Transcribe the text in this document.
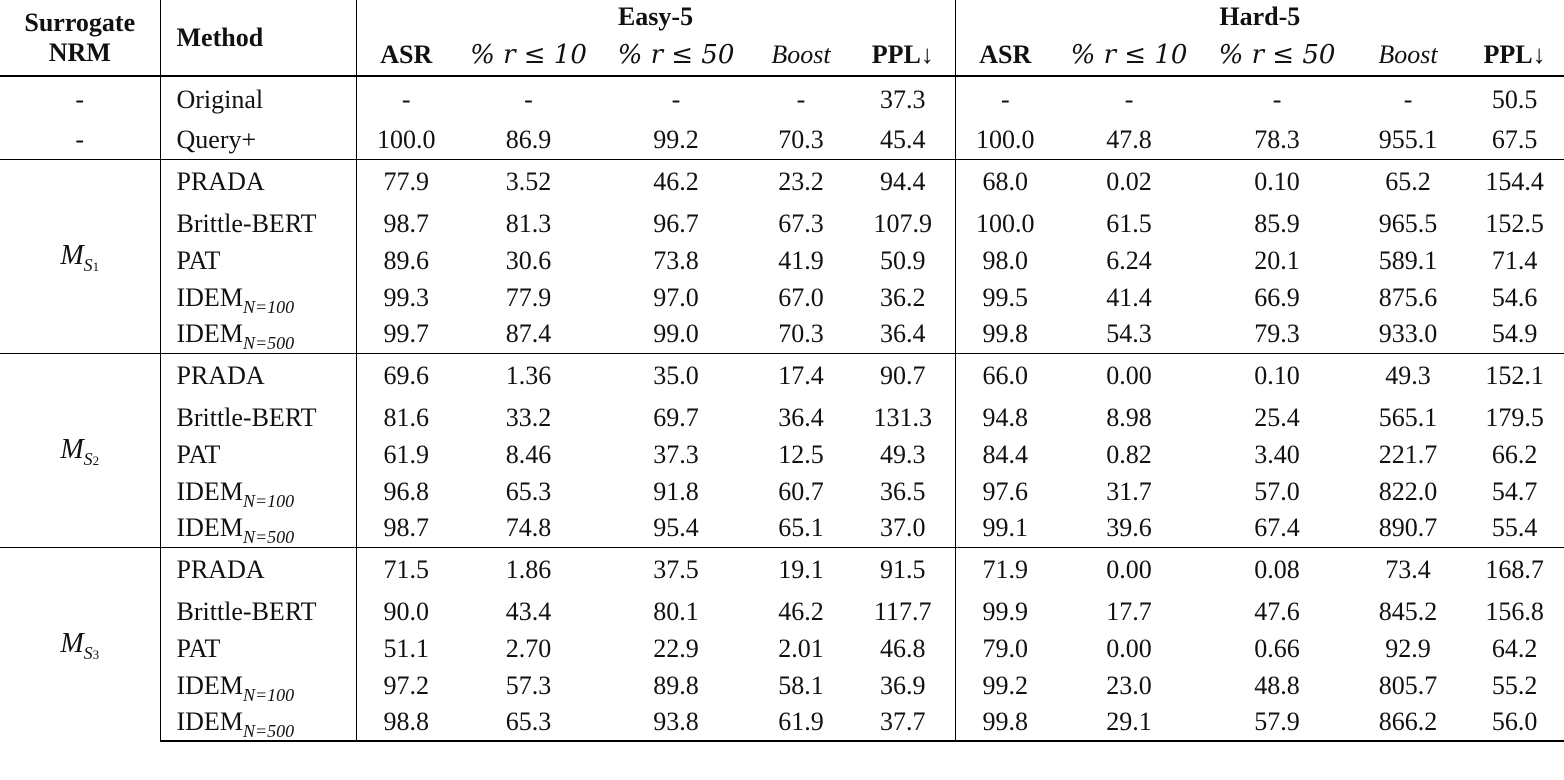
Surrogate
NRM	Method	Easy-5					Hard-5				
		ASR	% r ≤ 10	% r ≤ 50	Boost	PPL↓	ASR	% r ≤ 10	% r ≤ 50	Boost	PPL↓
-	Original	-	-	-	-	37.3	-	-	-	-	50.5
-	Query+	100.0	86.9	99.2	70.3	45.4	100.0	47.8	78.3	955.1	67.5
$M_{S1}$	PRADA	77.9	3.52	46.2	23.2	94.4	68.0	0.02	0.10	65.2	154.4
	Brittle-BERT	98.7	81.3	96.7	67.3	107.9	100.0	61.5	85.9	965.5	152.5
	PAT	89.6	30.6	73.8	41.9	50.9	98.0	6.24	20.1	589.1	71.4
	$IDEM_{N=100}$	99.3	77.9	97.0	67.0	36.2	99.5	41.4	66.9	875.6	54.6
	$IDEM_{N=500}$	99.7	87.4	99.0	70.3	36.4	99.8	54.3	79.3	933.0	54.9
$M_{S2}$	PRADA	69.6	1.36	35.0	17.4	90.7	66.0	0.00	0.10	49.3	152.1
	Brittle-BERT	81.6	33.2	69.7	36.4	131.3	94.8	8.98	25.4	565.1	179.5
	PAT	61.9	8.46	37.3	12.5	49.3	84.4	0.82	3.40	221.7	66.2
	$IDEM_{N=100}$	96.8	65.3	91.8	60.7	36.5	97.6	31.7	57.0	822.0	54.7
	$IDEM_{N=500}$	98.7	74.8	95.4	65.1	37.0	99.1	39.6	67.4	890.7	55.4
$M_{S3}$	PRADA	71.5	1.86	37.5	19.1	91.5	71.9	0.00	0.08	73.4	168.7
	Brittle-BERT	90.0	43.4	80.1	46.2	117.7	99.9	17.7	47.6	845.2	156.8
	PAT	51.1	2.70	22.9	2.01	46.8	79.0	0.00	0.66	92.9	64.2
	$IDEM_{N=100}$	97.2	57.3	89.8	58.1	36.9	99.2	23.0	48.8	805.7	55.2
	$IDEM_{N=500}$	98.8	65.3	93.8	61.9	37.7	99.8	29.1	57.9	866.2	56.0
